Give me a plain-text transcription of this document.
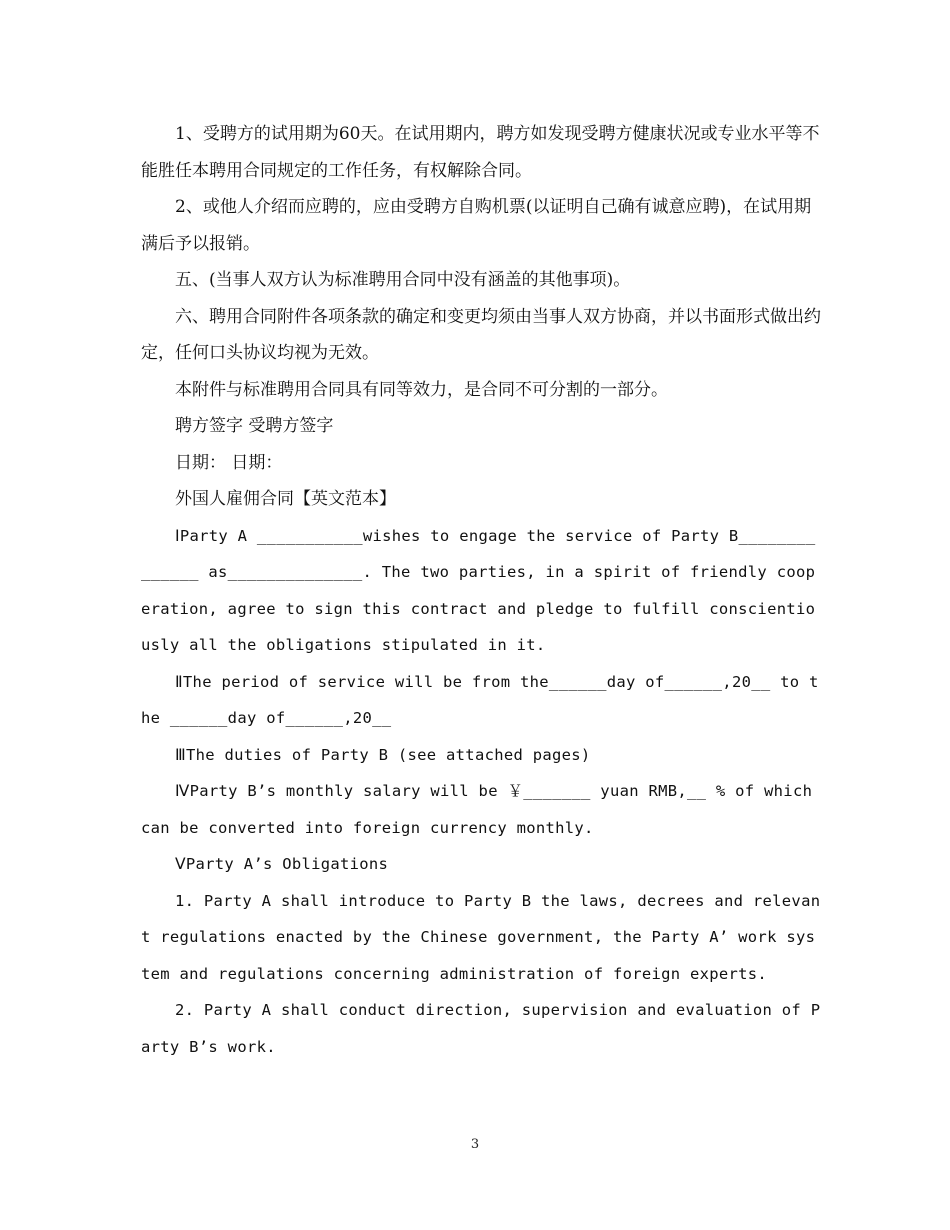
1、受聘方的试用期为60天。在试用期内，聘方如发现受聘方健康状况或专业水平等不能胜任本聘用合同规定的工作任务，有权解除合同。

2、或他人介绍而应聘的，应由受聘方自购机票(以证明自己确有诚意应聘)，在试用期满后予以报销。

五、(当事人双方认为标准聘用合同中没有涵盖的其他事项)。

六、聘用合同附件各项条款的确定和变更均须由当事人双方协商，并以书面形式做出约定，任何口头协议均视为无效。

本附件与标准聘用合同具有同等效力，是合同不可分割的一部分。

聘方签字 受聘方签字

日期： 日期：

外国人雇佣合同【英文范本】

ⅠParty A ___________wishes to engage the service of Party B______________ as______________. The two parties, in a spirit of friendly cooperation, agree to sign this contract and pledge to fulfill conscientiously all the obligations stipulated in it.

ⅡThe period of service will be from the______day of______,20__ to the ______day of______,20__

ⅢThe duties of Party B (see attached pages)

ⅣParty B’s monthly salary will be ￥_______ yuan RMB,__ % of which can be converted into foreign currency monthly.

ⅤParty A’s Obligations

1. Party A shall introduce to Party B the laws, decrees and relevant regulations enacted by the Chinese government, the Party A’ work system and regulations concerning administration of foreign experts.

2. Party A shall conduct direction, supervision and evaluation of Party B’s work.

3
